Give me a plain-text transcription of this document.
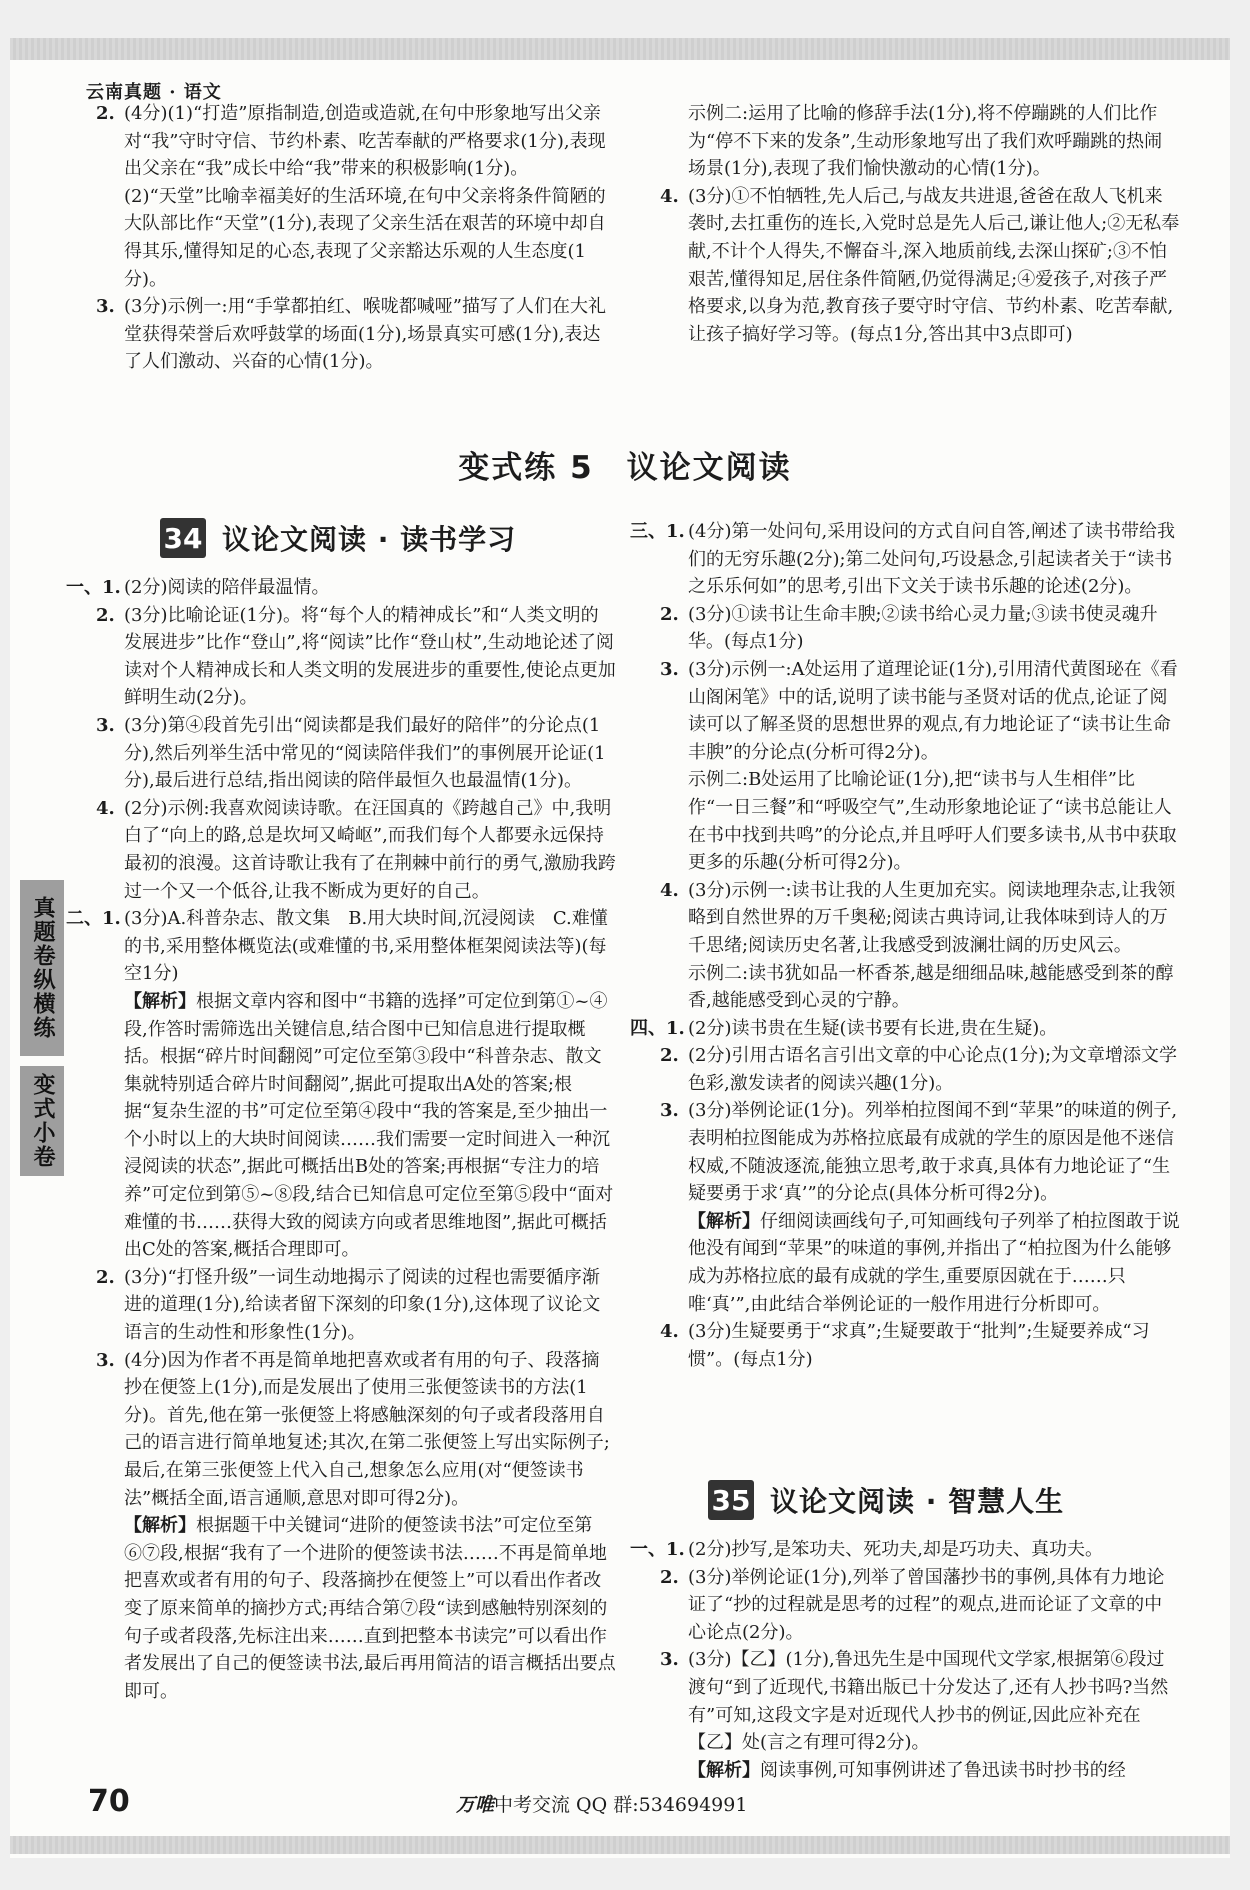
云南真题 · 语文

2. (4分)(1)“打造”原指制造,创造或造就,在句中形象地写出父亲对“我”守时守信、节约朴素、吃苦奉献的严格要求(1分),表现出父亲在“我”成长中给“我”带来的积极影响(1分)。

(2)“天堂”比喻幸福美好的生活环境,在句中父亲将条件简陋的大队部比作“天堂”(1分),表现了父亲生活在艰苦的环境中却自得其乐,懂得知足的心态,表现了父亲豁达乐观的人生态度(1分)。

3. (3分)示例一:用“手掌都拍红、喉咙都喊哑”描写了人们在大礼堂获得荣誉后欢呼鼓掌的场面(1分),场景真实可感(1分),表达了人们激动、兴奋的心情(1分)。

示例二:运用了比喻的修辞手法(1分),将不停蹦跳的人们比作为“停不下来的发条”,生动形象地写出了我们欢呼蹦跳的热闹场景(1分),表现了我们愉快激动的心情(1分)。

4. (3分)①不怕牺牲,先人后己,与战友共进退,爸爸在敌人飞机来袭时,去扛重伤的连长,入党时总是先人后己,谦让他人;②无私奉献,不计个人得失,不懈奋斗,深入地质前线,去深山探矿;③不怕艰苦,懂得知足,居住条件简陋,仍觉得满足;④爱孩子,对孩子严格要求,以身为范,教育孩子要守时守信、节约朴素、吃苦奉献,让孩子搞好学习等。(每点1分,答出其中3点即可)

变式练 5　议论文阅读
34 议论文阅读 · 读书学习

一、1. (2分)阅读的陪伴最温情。

2. (3分)比喻论证(1分)。将“每个人的精神成长”和“人类文明的发展进步”比作“登山”,将“阅读”比作“登山杖”,生动地论述了阅读对个人精神成长和人类文明的发展进步的重要性,使论点更加鲜明生动(2分)。

3. (3分)第④段首先引出“阅读都是我们最好的陪伴”的分论点(1分),然后列举生活中常见的“阅读陪伴我们”的事例展开论证(1分),最后进行总结,指出阅读的陪伴最恒久也最温情(1分)。

4. (2分)示例:我喜欢阅读诗歌。在汪国真的《跨越自己》中,我明白了“向上的路,总是坎坷又崎岖”,而我们每个人都要永远保持最初的浪漫。这首诗歌让我有了在荆棘中前行的勇气,激励我跨过一个又一个低谷,让我不断成为更好的自己。

二、1. (3分)A.科普杂志、散文集　B.用大块时间,沉浸阅读　C.难懂的书,采用整体概览法(或难懂的书,采用整体框架阅读法等)(每空1分)

【解析】根据文章内容和图中“书籍的选择”可定位到第①~④段,作答时需筛选出关键信息,结合图中已知信息进行提取概括。根据“碎片时间翻阅”可定位至第③段中“科普杂志、散文集就特别适合碎片时间翻阅”,据此可提取出A处的答案;根据“复杂生涩的书”可定位至第④段中“我的答案是,至少抽出一个小时以上的大块时间阅读……我们需要一定时间进入一种沉浸阅读的状态”,据此可概括出B处的答案;再根据“专注力的培养”可定位到第⑤~⑧段,结合已知信息可定位至第⑤段中“面对难懂的书……获得大致的阅读方向或者思维地图”,据此可概括出C处的答案,概括合理即可。

2. (3分)“打怪升级”一词生动地揭示了阅读的过程也需要循序渐进的道理(1分),给读者留下深刻的印象(1分),这体现了议论文语言的生动性和形象性(1分)。

3. (4分)因为作者不再是简单地把喜欢或者有用的句子、段落摘抄在便签上(1分),而是发展出了使用三张便签读书的方法(1分)。首先,他在第一张便签上将感触深刻的句子或者段落用自己的语言进行简单地复述;其次,在第二张便签上写出实际例子;最后,在第三张便签上代入自己,想象怎么应用(对“便签读书法”概括全面,语言通顺,意思对即可得2分)。

【解析】根据题干中关键词“进阶的便签读书法”可定位至第⑥⑦段,根据“我有了一个进阶的便签读书法……不再是简单地把喜欢或者有用的句子、段落摘抄在便签上”可以看出作者改变了原来简单的摘抄方式;再结合第⑦段“读到感触特别深刻的句子或者段落,先标注出来……直到把整本书读完”可以看出作者发展出了自己的便签读书法,最后再用简洁的语言概括出要点即可。

三、1. (4分)第一处问句,采用设问的方式自问自答,阐述了读书带给我们的无穷乐趣(2分);第二处问句,巧设悬念,引起读者关于“读书之乐乐何如”的思考,引出下文关于读书乐趣的论述(2分)。

2. (3分)①读书让生命丰腴;②读书给心灵力量;③读书使灵魂升华。(每点1分)

3. (3分)示例一:A处运用了道理论证(1分),引用清代黄图珌在《看山阁闲笔》中的话,说明了读书能与圣贤对话的优点,论证了阅读可以了解圣贤的思想世界的观点,有力地论证了“读书让生命丰腴”的分论点(分析可得2分)。

示例二:B处运用了比喻论证(1分),把“读书与人生相伴”比作“一日三餐”和“呼吸空气”,生动形象地论证了“读书总能让人在书中找到共鸣”的分论点,并且呼吁人们要多读书,从书中获取更多的乐趣(分析可得2分)。

4. (3分)示例一:读书让我的人生更加充实。阅读地理杂志,让我领略到自然世界的万千奥秘;阅读古典诗词,让我体味到诗人的万千思绪;阅读历史名著,让我感受到波澜壮阔的历史风云。

示例二:读书犹如品一杯香茶,越是细细品味,越能感受到茶的醇香,越能感受到心灵的宁静。

四、1. (2分)读书贵在生疑(读书要有长进,贵在生疑)。

2. (2分)引用古语名言引出文章的中心论点(1分);为文章增添文学色彩,激发读者的阅读兴趣(1分)。

3. (3分)举例论证(1分)。列举柏拉图闻不到“苹果”的味道的例子,表明柏拉图能成为苏格拉底最有成就的学生的原因是他不迷信权威,不随波逐流,能独立思考,敢于求真,具体有力地论证了“生疑要勇于求‘真’”的分论点(具体分析可得2分)。

【解析】仔细阅读画线句子,可知画线句子列举了柏拉图敢于说他没有闻到“苹果”的味道的事例,并指出了“柏拉图为什么能够成为苏格拉底的最有成就的学生,重要原因就在于……只唯‘真’”,由此结合举例论证的一般作用进行分析即可。

4. (3分)生疑要勇于“求真”;生疑要敢于“批判”;生疑要养成“习惯”。(每点1分)

35 议论文阅读 · 智慧人生

一、1. (2分)抄写,是笨功夫、死功夫,却是巧功夫、真功夫。

2. (3分)举例论证(1分),列举了曾国藩抄书的事例,具体有力地论证了“抄的过程就是思考的过程”的观点,进而论证了文章的中心论点(2分)。

3. (3分)【乙】(1分),鲁迅先生是中国现代文学家,根据第⑥段过渡句“到了近现代,书籍出版已十分发达了,还有人抄书吗?当然有”可知,这段文字是对近现代人抄书的例证,因此应补充在【乙】处(言之有理可得2分)。

【解析】阅读事例,可知事例讲述了鲁迅读书时抄书的经

真题卷纵横练
变式小卷
70	万唯中考交流 QQ 群:534694991
